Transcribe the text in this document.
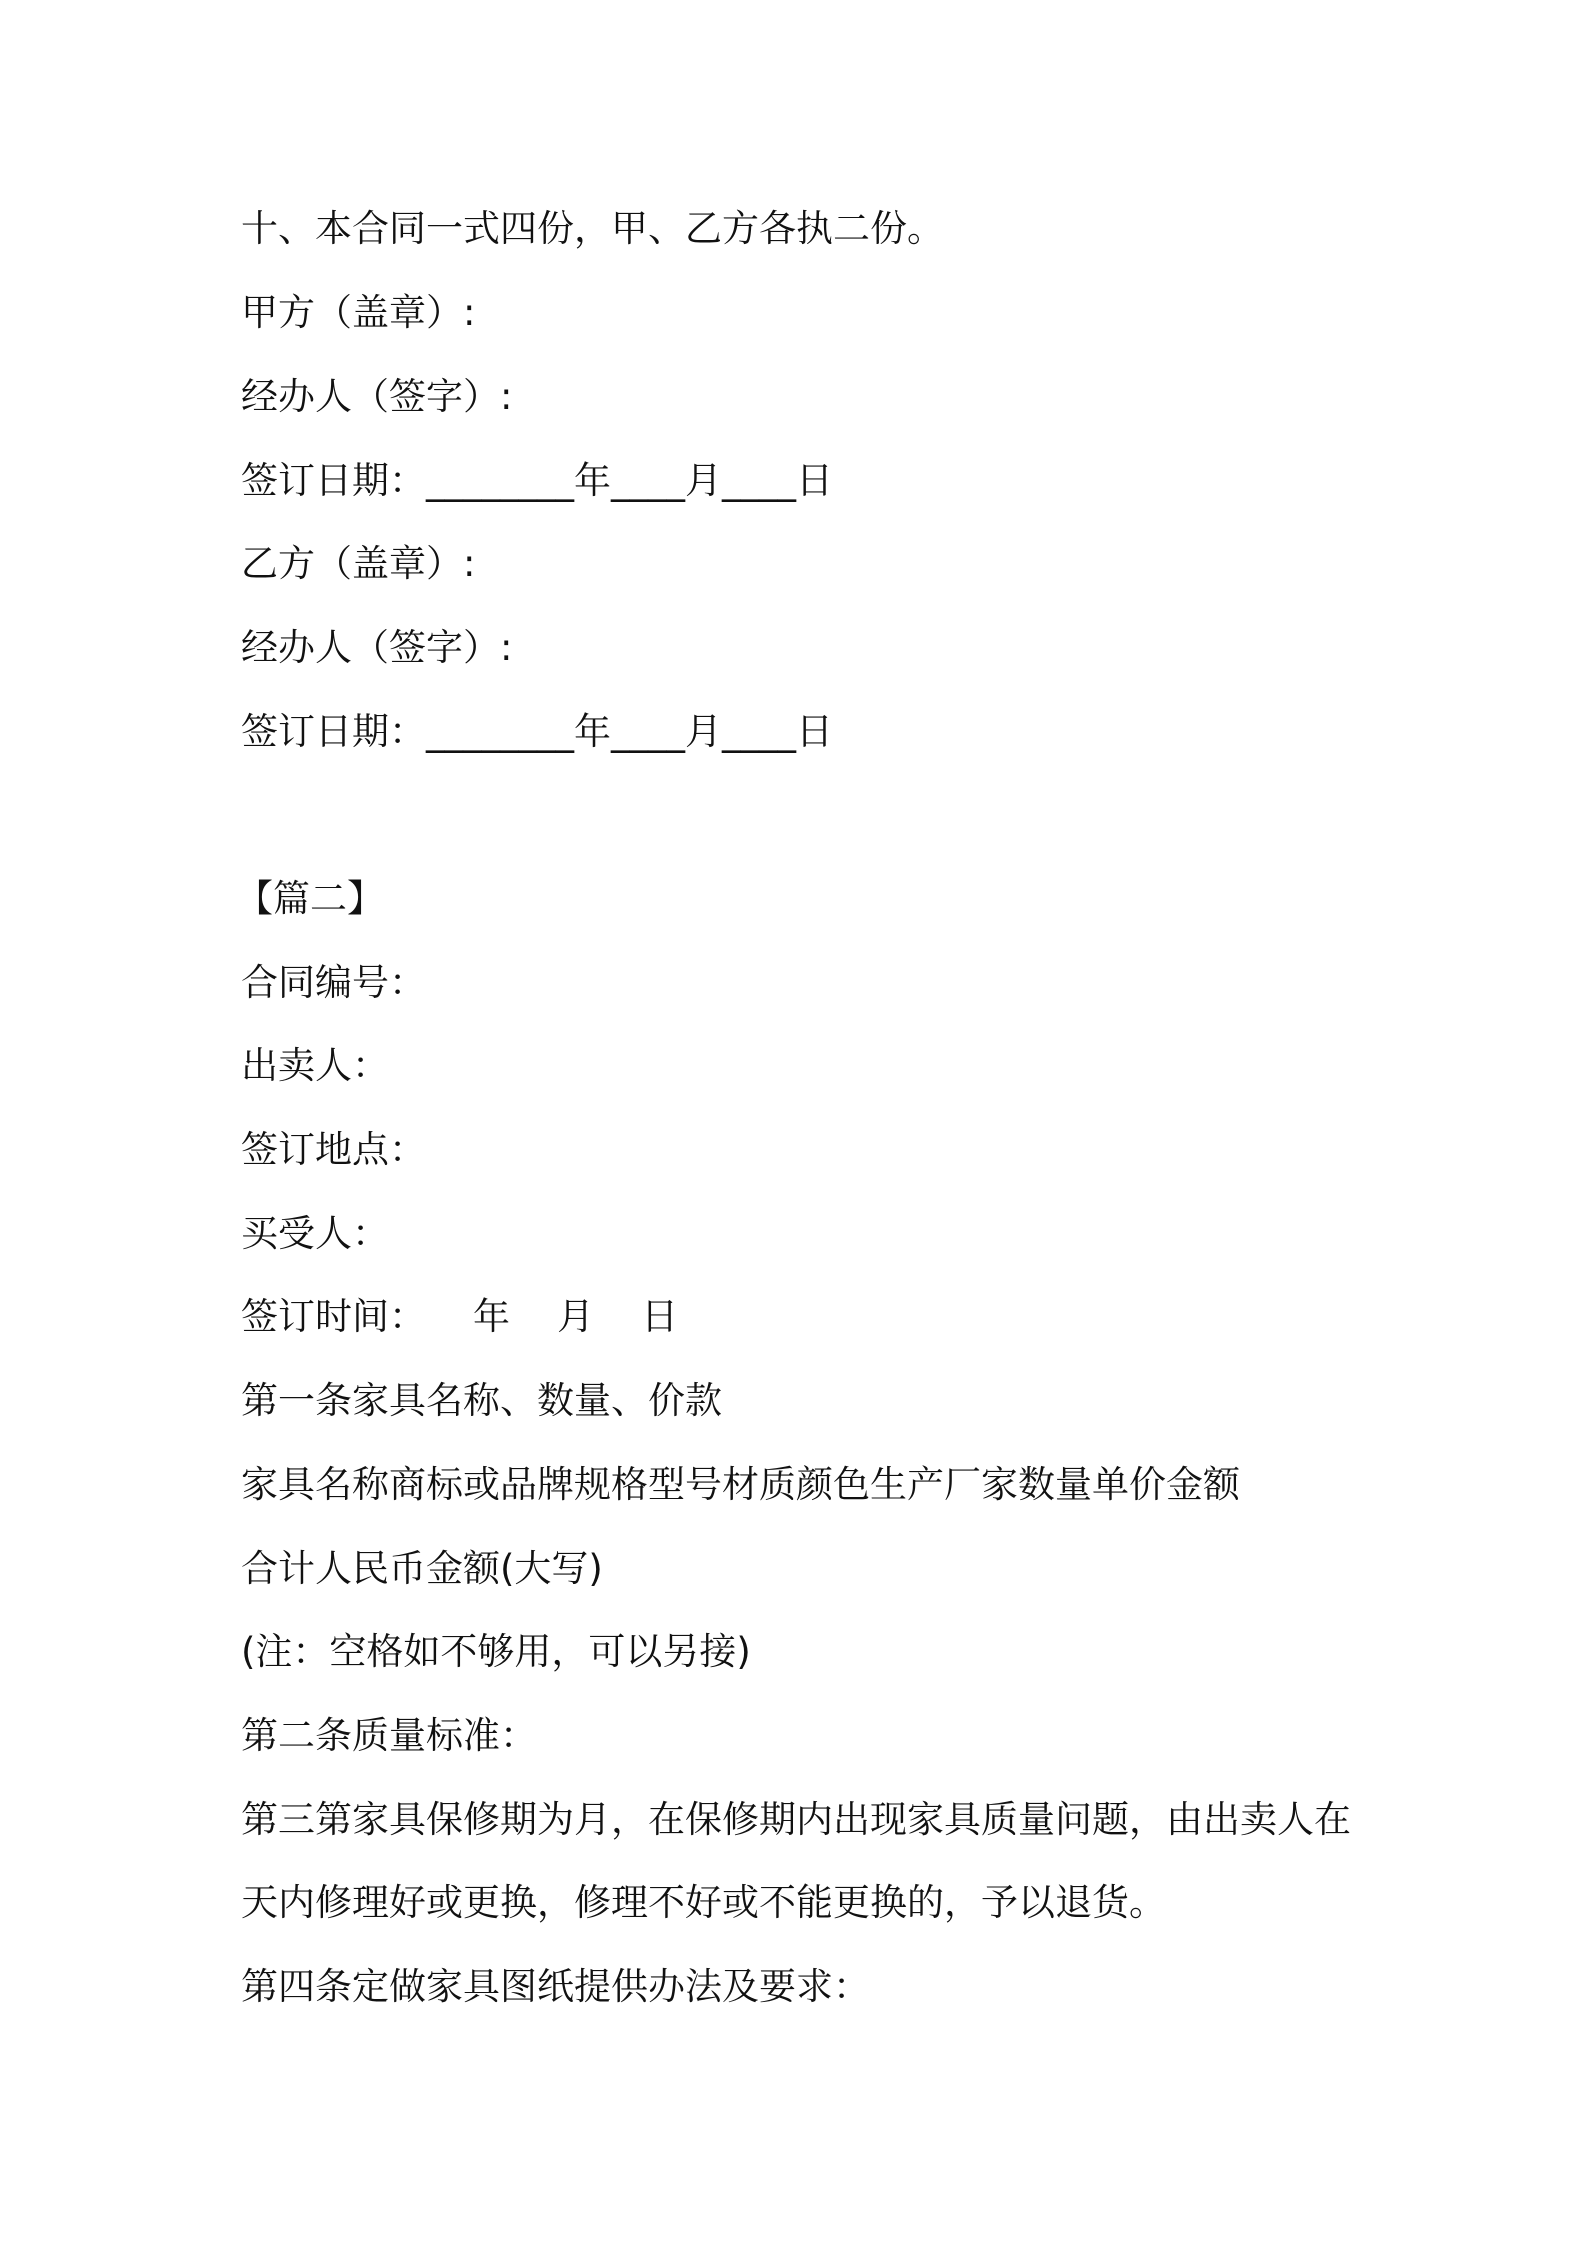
十、本合同一式四份，甲、乙方各执二份。
甲方（盖章）:
经办人（签字）:
签订日期：________年____月____日
乙方（盖章）:
经办人（签字）:
签订日期：________年____月____日
【篇二】
合同编号：
出卖人：
签订地点：
买受人：
签订时间：    年    月    日
第一条家具名称、数量、价款
家具名称商标或品牌规格型号材质颜色生产厂家数量单价金额
合计人民币金额(大写)
(注：空格如不够用，可以另接)
第二条质量标准：
第三第家具保修期为月，在保修期内出现家具质量问题，由出卖人在
天内修理好或更换，修理不好或不能更换的，予以退货。
第四条定做家具图纸提供办法及要求：
